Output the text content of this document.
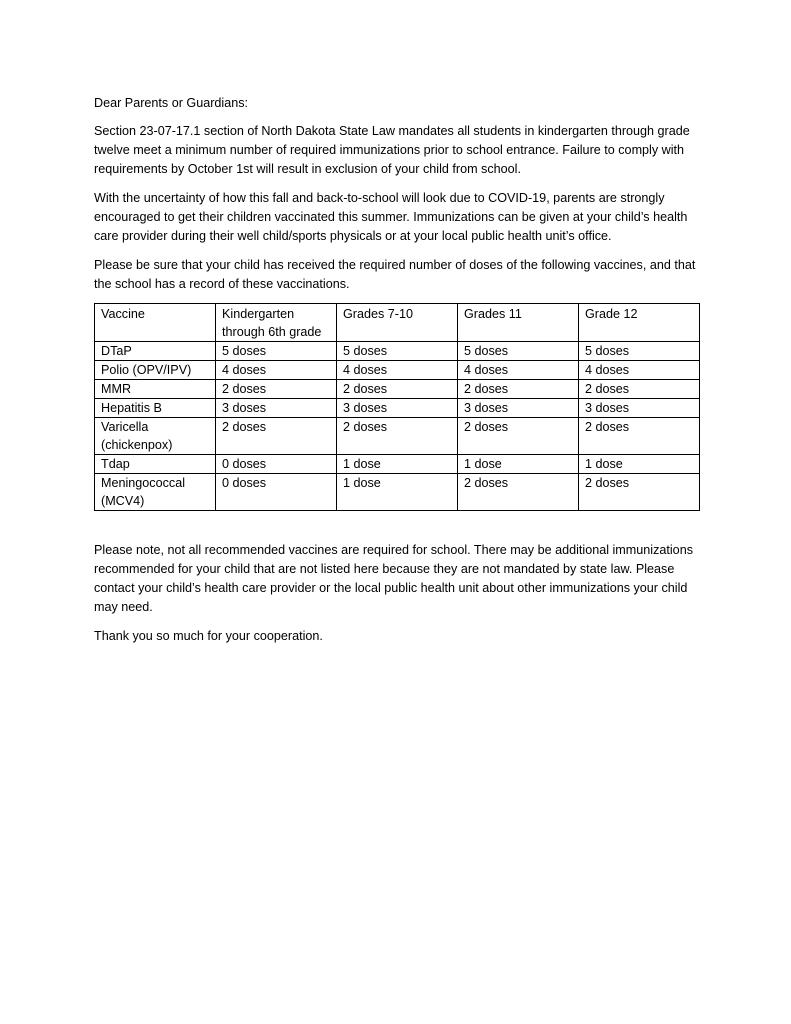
Dear Parents or Guardians:

Section 23-07-17.1 section of North Dakota State Law mandates all students in kindergarten through grade twelve meet a minimum number of required immunizations prior to school entrance. Failure to comply with requirements by October 1st will result in exclusion of your child from school.

With the uncertainty of how this fall and back-to-school will look due to COVID-19, parents are strongly encouraged to get their children vaccinated this summer. Immunizations can be given at your child’s health care provider during their well child/sports physicals or at your local public health unit’s office.

Please be sure that your child has received the required number of doses of the following vaccines, and that the school has a record of these vaccinations.

Vaccine	Kindergarten through 6th grade	Grades 7-10	Grades 11	Grade 12
DTaP	5 doses	5 doses	5 doses	5 doses
Polio (OPV/IPV)	4 doses	4 doses	4 doses	4 doses
MMR	2 doses	2 doses	2 doses	2 doses
Hepatitis B	3 doses	3 doses	3 doses	3 doses
Varicella (chickenpox)	2 doses	2 doses	2 doses	2 doses
Tdap	0 doses	1 dose	1 dose	1 dose
Meningococcal (MCV4)	0 doses	1 dose	2 doses	2 doses

Please note, not all recommended vaccines are required for school. There may be additional immunizations recommended for your child that are not listed here because they are not mandated by state law. Please contact your child’s health care provider or the local public health unit about other immunizations your child may need.

Thank you so much for your cooperation.
